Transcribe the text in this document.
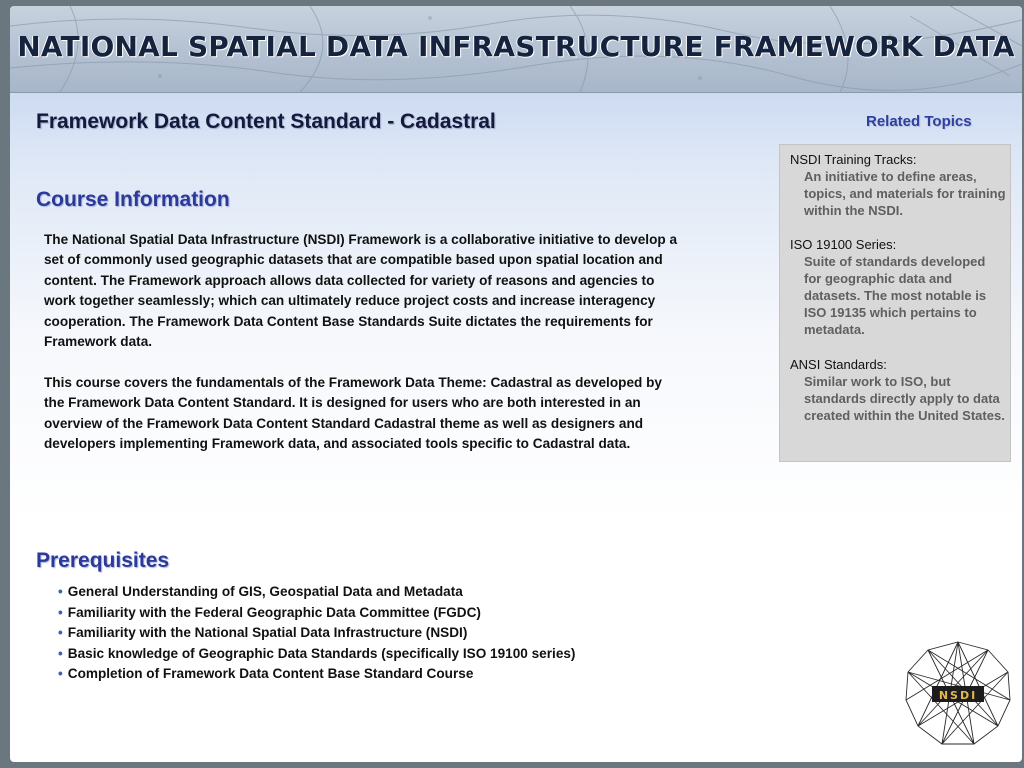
NATIONAL SPATIAL DATA INFRASTRUCTURE FRAMEWORK DATA
Framework Data Content Standard - Cadastral	Related Topics
Course Information
The National Spatial Data Infrastructure (NSDI) Framework is a collaborative initiative to develop a set of commonly used geographic datasets that are compatible based upon spatial location and content. The Framework approach allows data collected for variety of reasons and agencies to work together seamlessly; which can ultimately reduce project costs and increase interagency cooperation. The Framework Data Content Base Standards Suite dictates the requirements for Framework data.
This course covers the fundamentals of the Framework Data Theme: Cadastral as developed by the Framework Data Content Standard. It is designed for users who are both interested in an overview of the Framework Data Content Standard Cadastral theme as well as designers and developers implementing Framework data, and associated tools specific to Cadastral data.
NSDI Training Tracks:
An initiative to define areas, topics, and materials for training within the NSDI.
ISO 19100 Series:
Suite of standards developed for geographic data and datasets. The most notable is ISO 19135 which pertains to metadata.
ANSI Standards:
Similar work to ISO, but standards directly apply to data created within the United States.
Prerequisites
• General Understanding of GIS, Geospatial Data and Metadata
• Familiarity with the Federal Geographic Data Committee (FGDC)
• Familiarity with the National Spatial Data Infrastructure (NSDI)
• Basic knowledge of Geographic Data Standards (specifically ISO 19100 series)
• Completion of Framework Data Content Base Standard Course
NSDI
